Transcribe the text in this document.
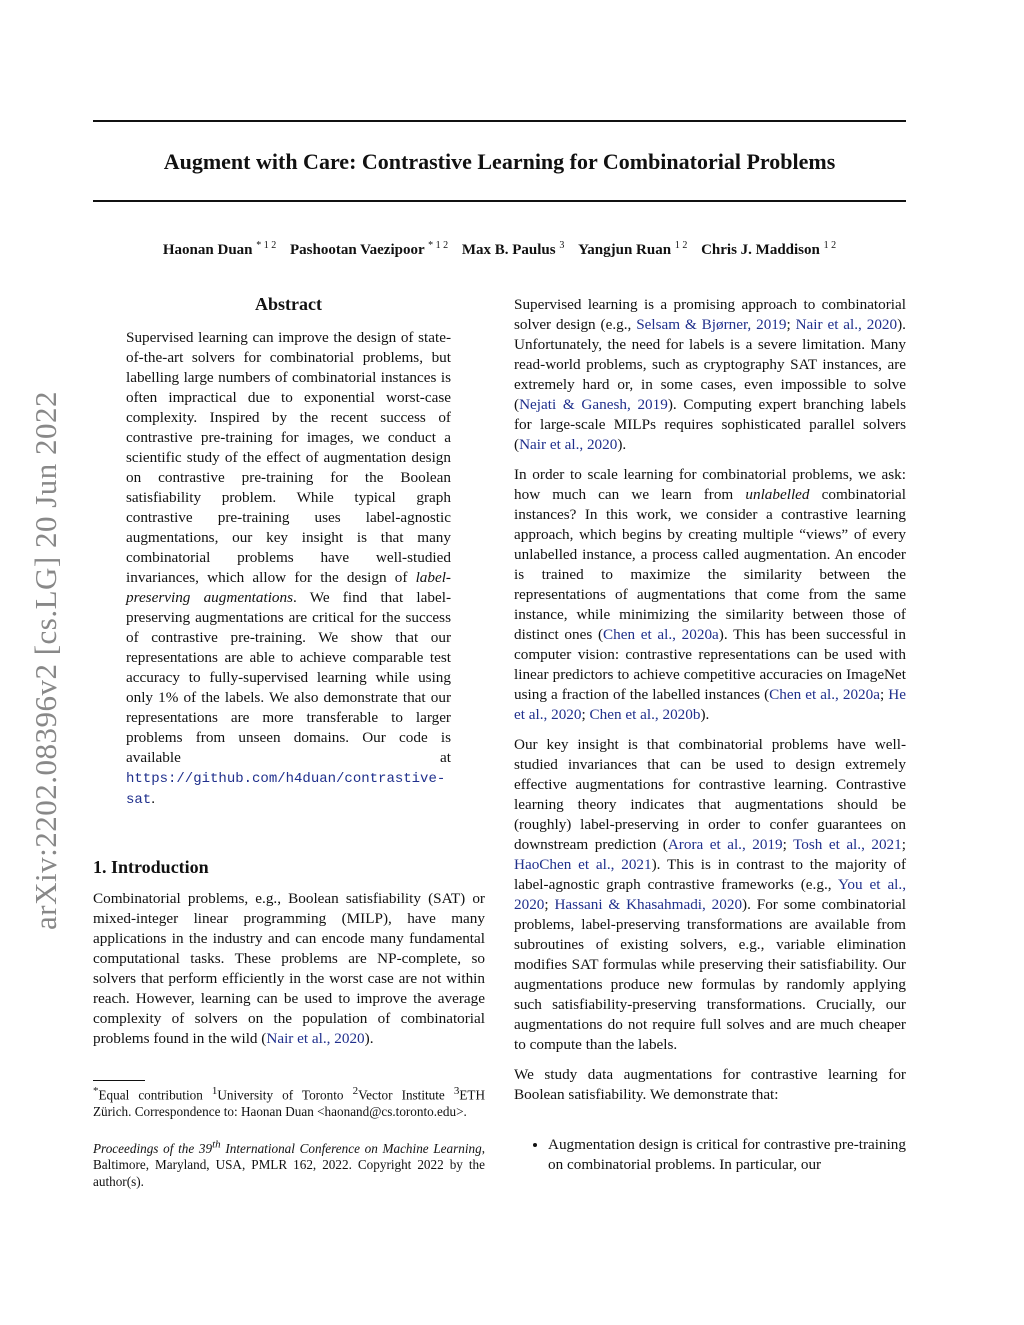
arXiv:2202.08396v2 [cs.LG] 20 Jun 2022
Augment with Care: Contrastive Learning for Combinatorial Problems
Haonan Duan $^{* 1 2}$ Pashootan Vaezipoor $^{* 1 2}$ Max B. Paulus $^3$ Yangjun Ruan $^{1 2}$ Chris J. Maddison $^{1 2}$
Abstract

Supervised learning can improve the design of state-of-the-art solvers for combinatorial problems, but labelling large numbers of combinatorial instances is often impractical due to exponential worst-case complexity. Inspired by the recent success of contrastive pre-training for images, we conduct a scientific study of the effect of augmentation design on contrastive pre-training for the Boolean satisfiability problem. While typical graph contrastive pre-training uses label-agnostic augmentations, our key insight is that many combinatorial problems have well-studied invariances, which allow for the design of label-preserving augmentations. We find that label-preserving augmentations are critical for the success of contrastive pre-training. We show that our representations are able to achieve comparable test accuracy to fully-supervised learning while using only 1% of the labels. We also demonstrate that our representations are more transferable to larger problems from unseen domains. Our code is available at https://github.com/h4duan/contrastive-sat.

1. Introduction

Combinatorial problems, e.g., Boolean satisfiability (SAT) or mixed-integer linear programming (MILP), have many applications in the industry and can encode many fundamental computational tasks. These problems are NP-complete, so solvers that perform efficiently in the worst case are not within reach. However, learning can be used to improve the average complexity of solvers on the population of combinatorial problems found in the wild (Nair et al., 2020).

*Equal contribution $^1$University of Toronto $^2$Vector Institute $^3$ETH Zürich. Correspondence to: Haonan Duan <haonand@cs.toronto.edu>.

Proceedings of the 39th International Conference on Machine Learning, Baltimore, Maryland, USA, PMLR 162, 2022. Copyright 2022 by the author(s).

Supervised learning is a promising approach to combinatorial solver design (e.g., Selsam & Bjørner, 2019; Nair et al., 2020). Unfortunately, the need for labels is a severe limitation. Many read-world problems, such as cryptography SAT instances, are extremely hard or, in some cases, even impossible to solve (Nejati & Ganesh, 2019). Computing expert branching labels for large-scale MILPs requires sophisticated parallel solvers (Nair et al., 2020).

In order to scale learning for combinatorial problems, we ask: how much can we learn from unlabelled combinatorial instances? In this work, we consider a contrastive learning approach, which begins by creating multiple “views” of every unlabelled instance, a process called augmentation. An encoder is trained to maximize the similarity between the representations of augmentations that come from the same instance, while minimizing the similarity between those of distinct ones (Chen et al., 2020a). This has been successful in computer vision: contrastive representations can be used with linear predictors to achieve competitive accuracies on ImageNet using a fraction of the labelled instances (Chen et al., 2020a; He et al., 2020; Chen et al., 2020b).

Our key insight is that combinatorial problems have well-studied invariances that can be used to design extremely effective augmentations for contrastive learning. Contrastive learning theory indicates that augmentations should be (roughly) label-preserving in order to confer guarantees on downstream prediction (Arora et al., 2019; Tosh et al., 2021; HaoChen et al., 2021). This is in contrast to the majority of label-agnostic graph contrastive frameworks (e.g., You et al., 2020; Hassani & Khasahmadi, 2020). For some combinatorial problems, label-preserving transformations are available from subroutines of existing solvers, e.g., variable elimination modifies SAT formulas while preserving their satisfiability. Our augmentations produce new formulas by randomly applying such satisfiability-preserving transformations. Crucially, our augmentations do not require full solves and are much cheaper to compute than the labels.

We study data augmentations for contrastive learning for Boolean satisfiability. We demonstrate that:

• Augmentation design is critical for contrastive pre-training on combinatorial problems. In particular, our
